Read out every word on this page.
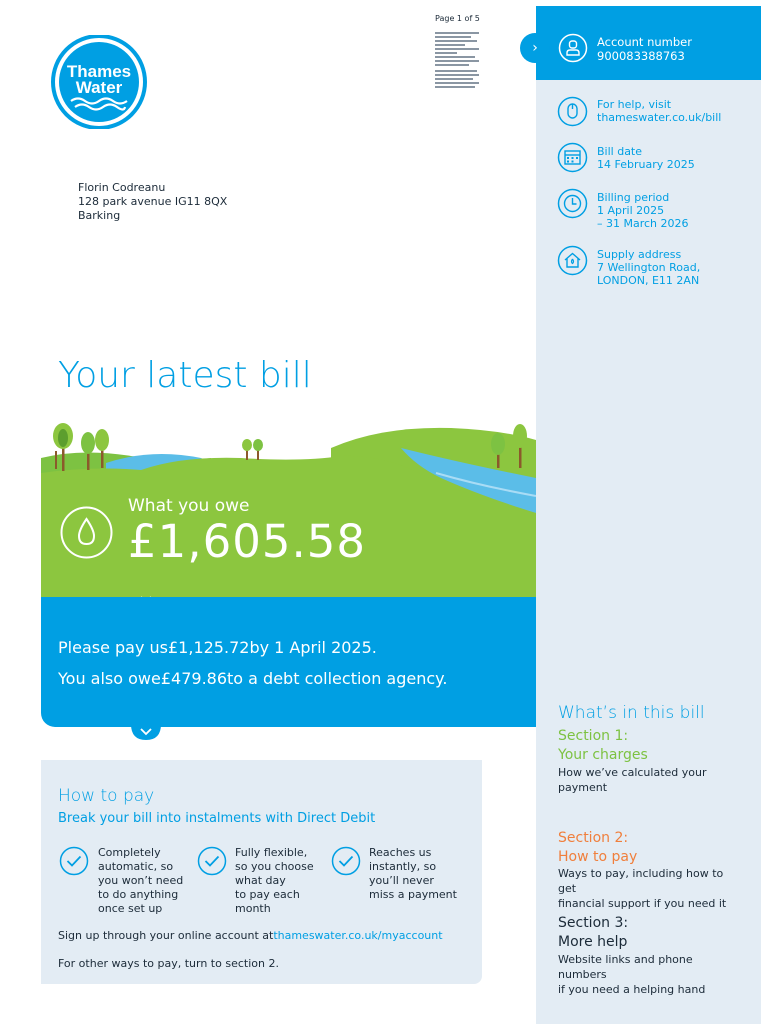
Thames
Water
Page 1 of 5
Florin Codreanu
128 park avenue IG11 8QX
Barking
›	Account number
900083388763
For help, visit
thameswater.co.uk/bill
Bill date
14 February 2025
Billing period
1 April 2025
– 31 March 2026
Supply address
7 Wellington Road,
LONDON, E11 2AN
What’s in this bill
Section 1:
Your charges
How we’ve calculated your
payment
Section 2:
How to pay
Ways to pay, including how to get
financial support if you need it
Section 3:
More help
Website links and phone numbers
if you need a helping hand
Your latest bill
What you owe
£1,605.58
Please pay us£1,125.72by 1 April 2025.
You also owe£479.86to a debt collection agency.
How to pay
Break your bill into instalments with Direct Debit
Completely
automatic, so
you won’t need
to do anything
once set up
Fully flexible,
so you choose
what day
to pay each
month
Reaches us
instantly, so
you’ll never
miss a payment
Sign up through your online account atthameswater.co.uk/myaccount
For other ways to pay, turn to section 2.
